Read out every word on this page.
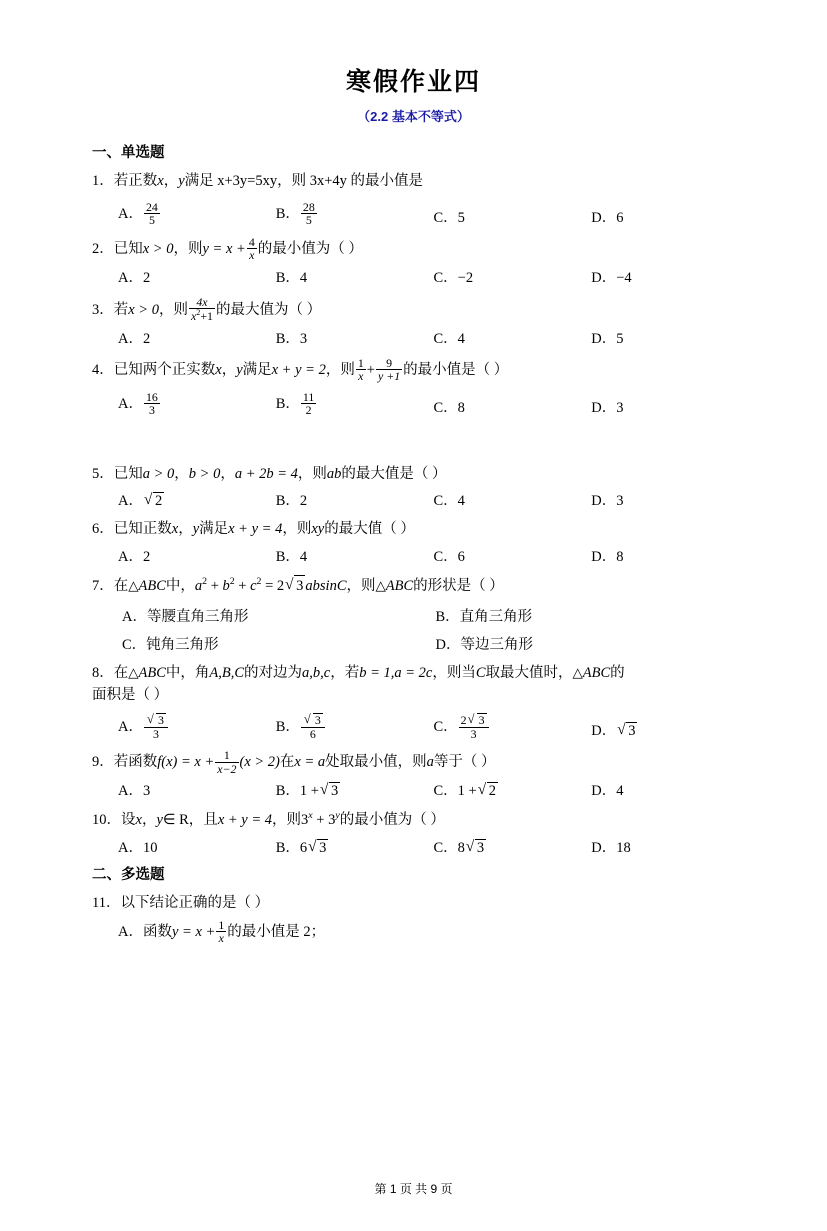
寒假作业四
（2.2 基本不等式）
一、单选题
1．若正数x，y满足 x+3y=5xy，则 3x+4y 的最小值是
A． $\frac{24}{5}$	B． $\frac{28}{5}$	C．5	D．6
2．已知x > 0，则$y = x + \frac{4}{x}$ 的最小值为（ ）
A．2	B．4	C．−2	D．−4
3．若x > 0，则 $\frac{4x}{x^2+1}$ 的最大值为（ ）
A．2	B．3	C．4	D．5
4．已知两个正实数x，y满足x + y = 2，则 $\frac{1}{x} + \frac{9}{y +1}$ 的最小值是（ ）
A． $\frac{16}{3}$	B． $\frac{11}{2}$	C．8	D．3
5．已知a > 0，b > 0，a + 2b = 4，则ab的最大值是（ ）
A． √ 2	B．2	C．4	D．3
6．已知正数x，y满足x + y = 4，则xy的最大值（ ）
A．2	B．4	C．6	D．8
7．在 △ ABC中，$a^2 + b^2 + c^2 = 2$ √ 3 absinC，则 △ ABC的形状是（ ）
A．等腰直角三角形	B．直角三角形
C．钝角三角形	D．等边三角形
8．在 △ ABC中，角A,B,C的对边为a,b,c，若b = 1,a = 2c，则当C取最大值时， △ ABC的
面积是（ ）
A． $\frac{√ 3}{3}$	B． $\frac{√ 3}{6}$	C． $\frac{2 √ 3}{3}$	D． √ 3
9．若函数$f(x) = x + \frac{1}{x-2} (x > 2)$在x = a处取最小值，则a等于（ ）
A．3	B．1 + √ 3	C．1 + √ 2	D．4
10．设x，y∈ R，且x + y = 4，则$3^x + 3^y$的最小值为（ ）
A．10	B．6 √ 3	C．8 √ 3	D．18
二、多选题
11．以下结论正确的是（ ）
A．函数$y = x + \frac{1}{x}$ 的最小值是 2；
第 1 页 共 9 页
